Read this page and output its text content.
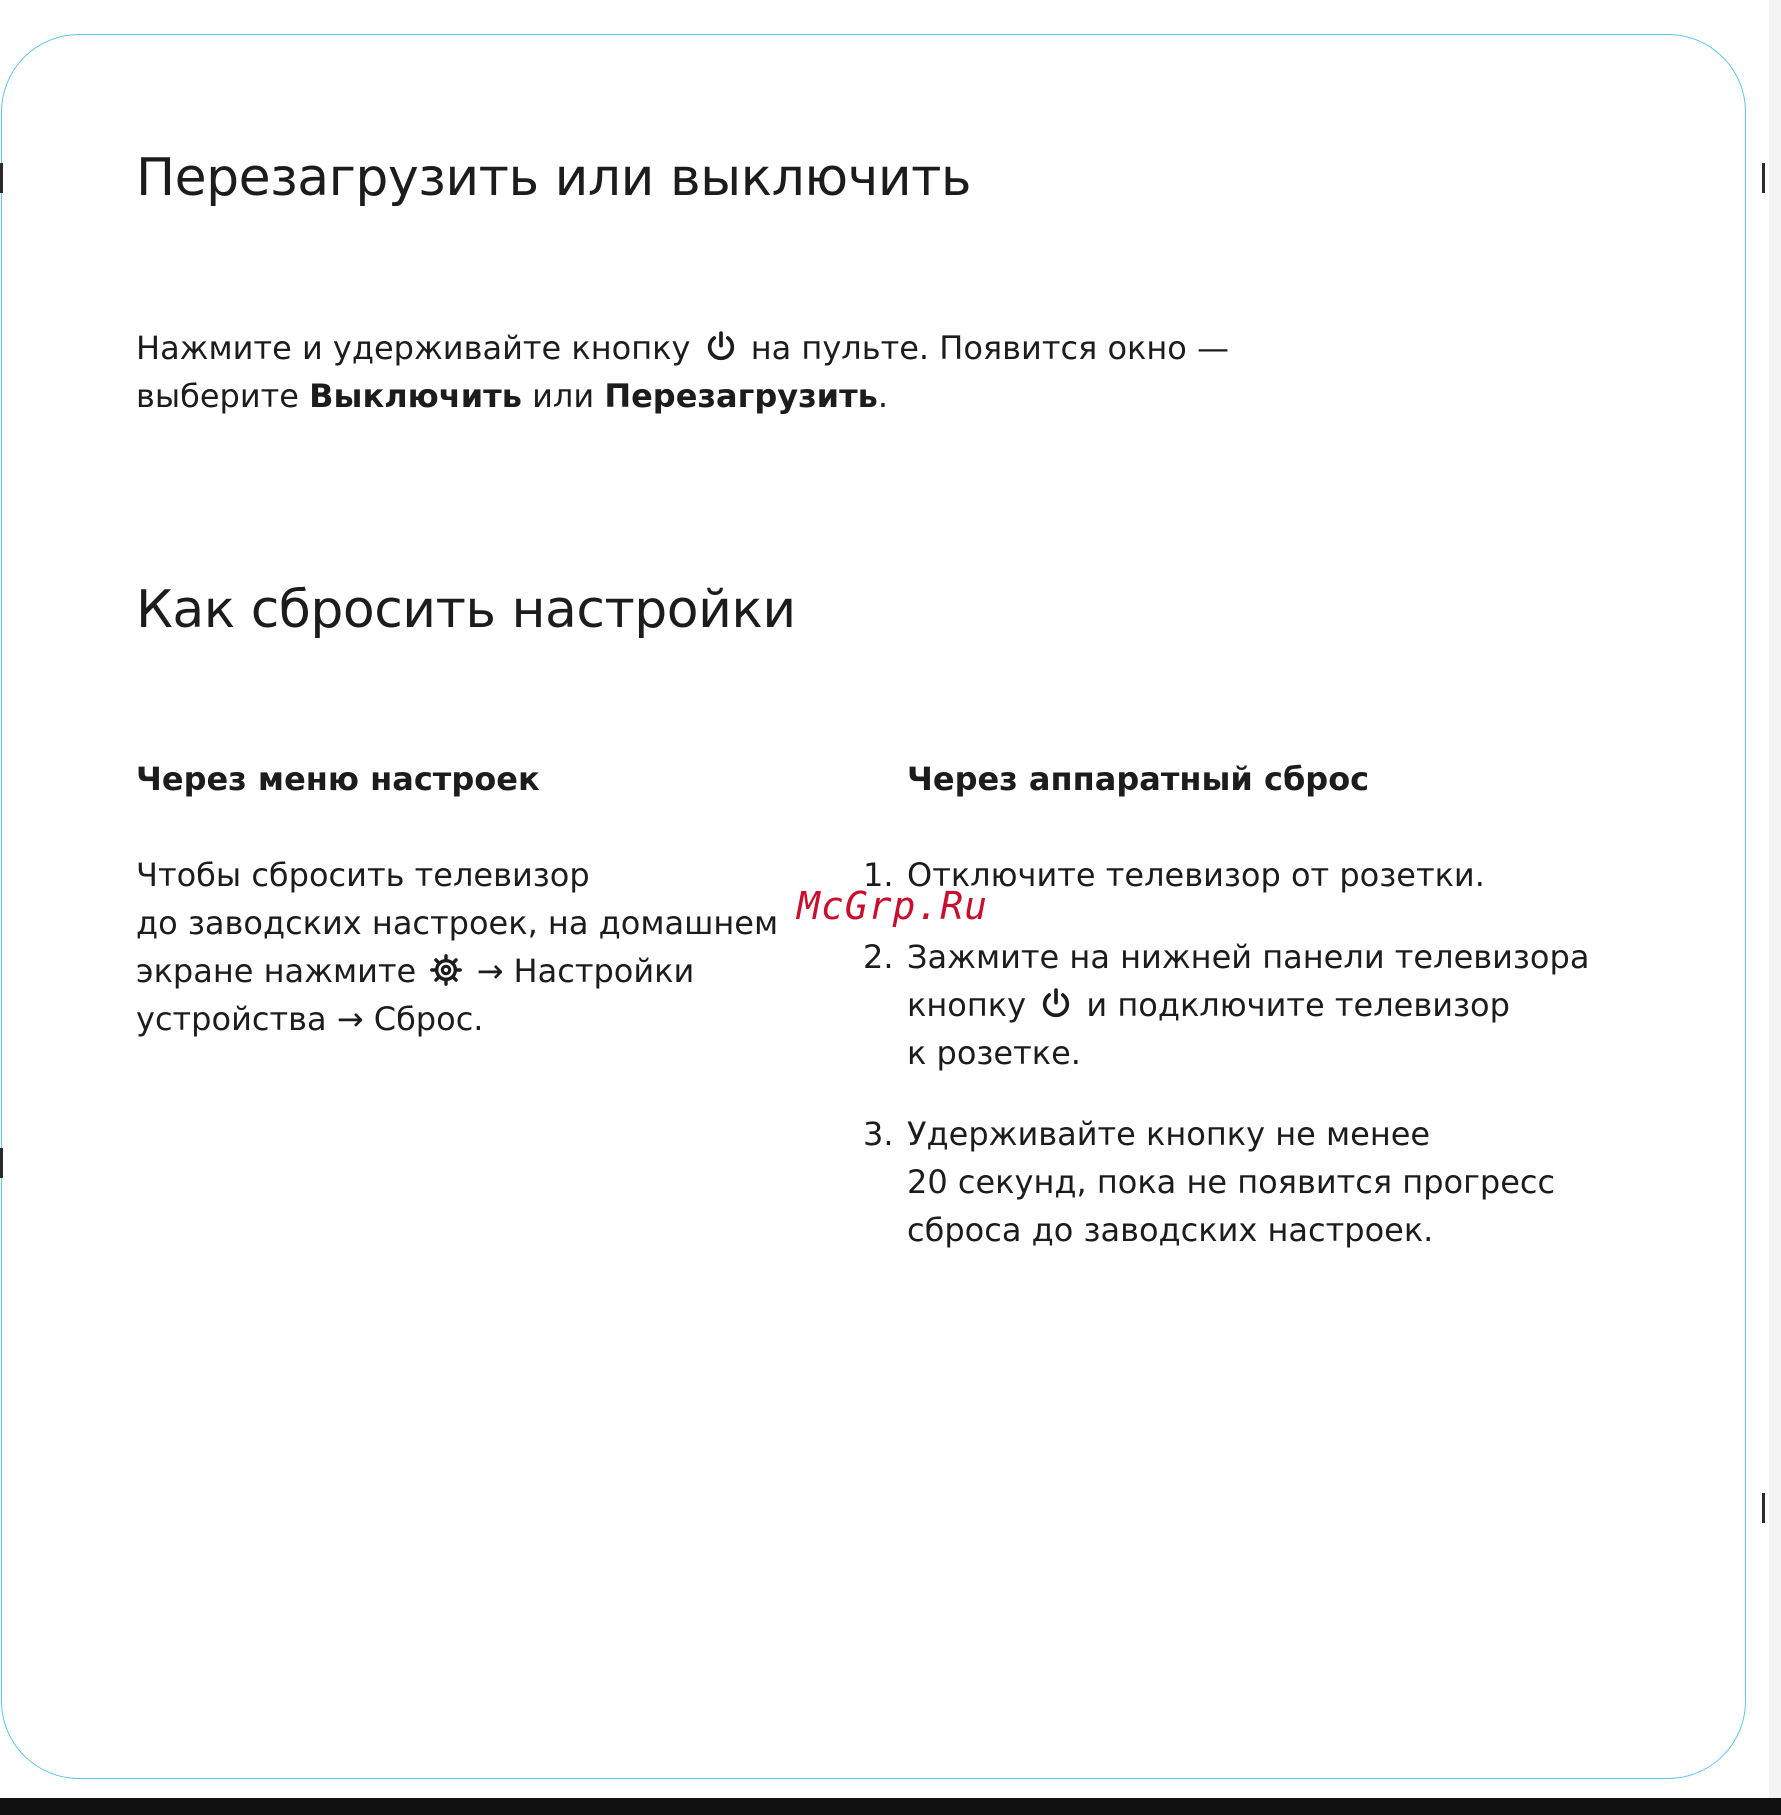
Перезагрузить или выключить

Нажмите и удерживайте кнопку на пульте. Появится окно —
выберите Выключить или Перезагрузить.

Как сбросить настройки
Через меню настроек

Чтобы сбросить телевизор
до заводских настроек, на домашнем
экране нажмите → Настройки
устройства → Сброс.

Через аппаратный сброс
1. Отключите телевизор от розетки.
2. Зажмите на нижней панели телевизора
кнопку и подключите телевизор
к розетке.
3. Удерживайте кнопку не менее
20 секунд, пока не появится прогресс
сброса до заводских настроек.
McGrp.Ru
